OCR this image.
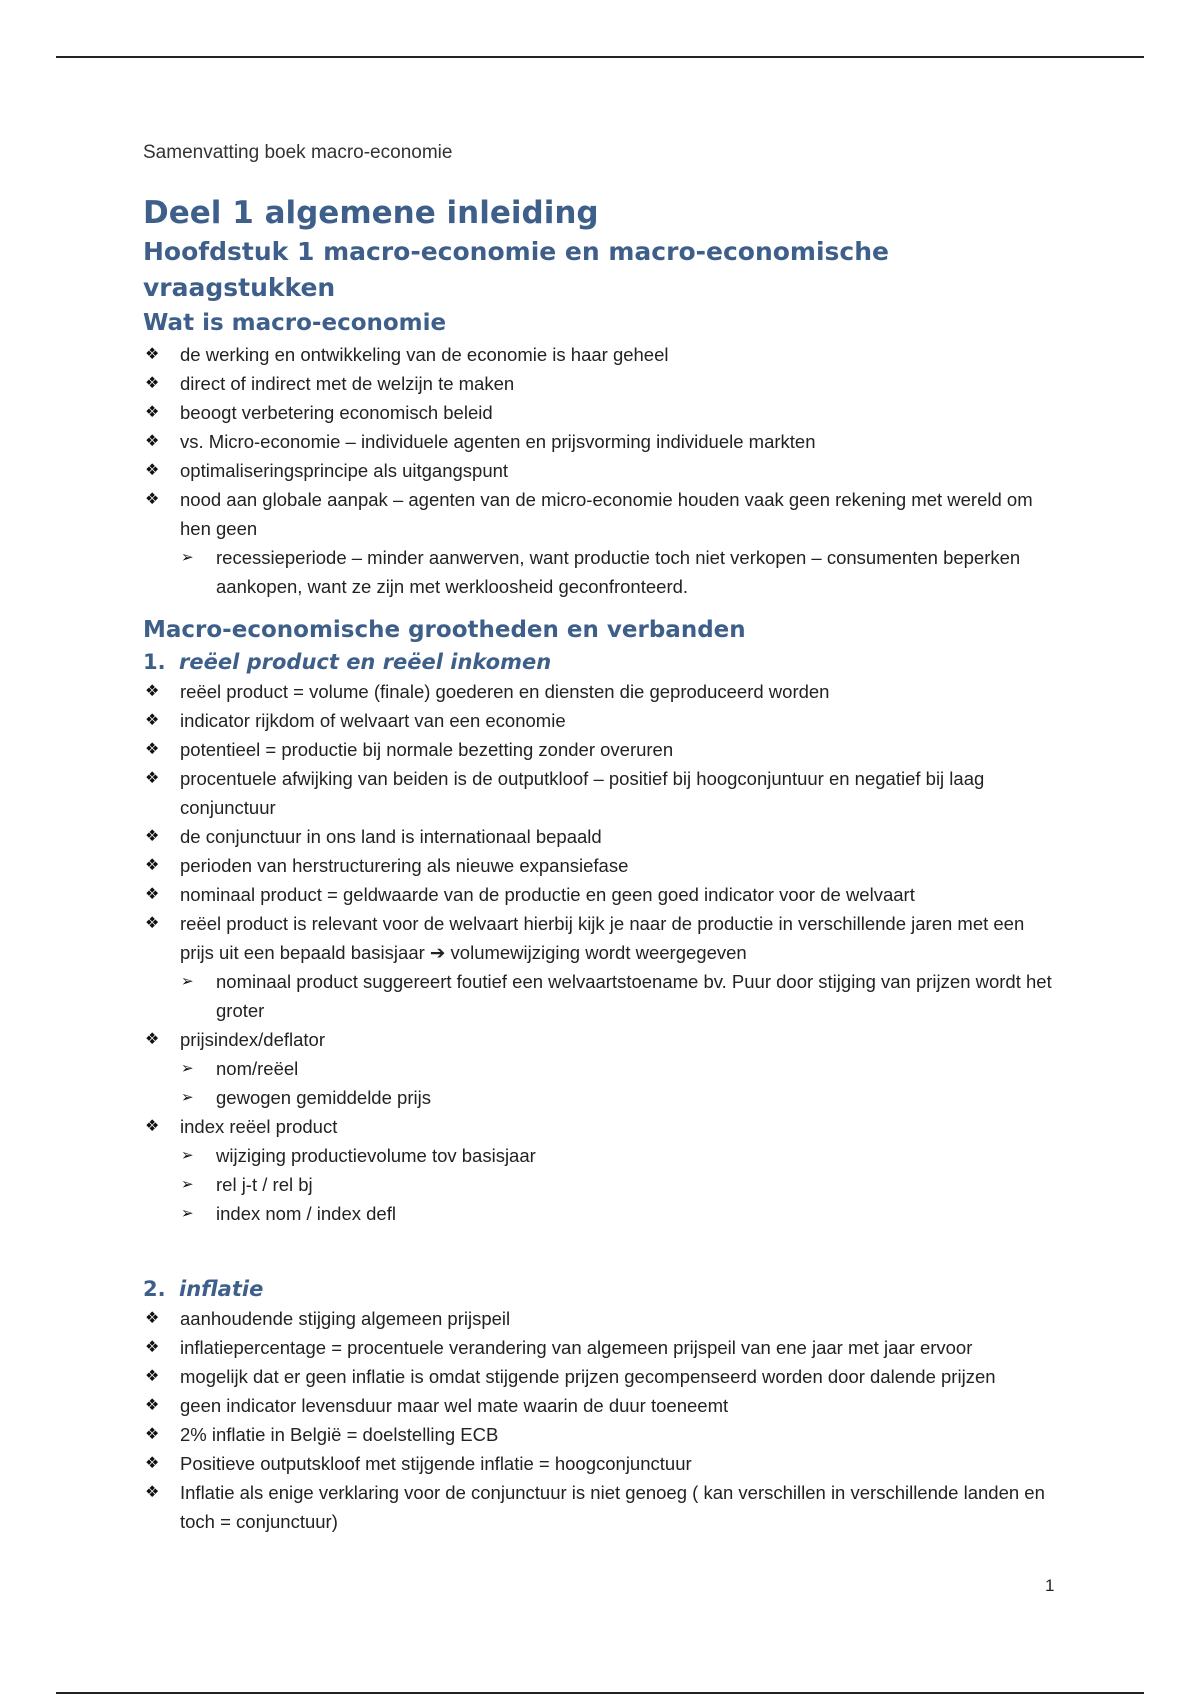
Samenvatting boek macro-economie
Deel 1 algemene inleiding
Hoofdstuk 1 macro-economie en macro-economische vraagstukken
Wat is macro-economie
❖ de werking en ontwikkeling van de economie is haar geheel
❖ direct of indirect met de welzijn te maken
❖ beoogt verbetering economisch beleid
❖ vs. Micro-economie – individuele agenten en prijsvorming individuele markten
❖ optimaliseringsprincipe als uitgangspunt
❖ nood aan globale aanpak – agenten van de micro-economie houden vaak geen rekening met wereld om hen geen
➢ recessieperiode – minder aanwerven, want productie toch niet verkopen – consumenten beperken aankopen, want ze zijn met werkloosheid geconfronteerd.
Macro-economische grootheden en verbanden
1. reëel product en reëel inkomen
❖ reëel product = volume (finale) goederen en diensten die geproduceerd worden
❖ indicator rijkdom of welvaart van een economie
❖ potentieel = productie bij normale bezetting zonder overuren
❖ procentuele afwijking van beiden is de outputkloof – positief bij hoogconjuntuur en negatief bij laag conjunctuur
❖ de conjunctuur in ons land is internationaal bepaald
❖ perioden van herstructurering als nieuwe expansiefase
❖ nominaal product = geldwaarde van de productie en geen goed indicator voor de welvaart
❖ reëel product is relevant voor de welvaart hierbij kijk je naar de productie in verschillende jaren met een prijs uit een bepaald basisjaar ➔ volumewijziging wordt weergegeven
➢ nominaal product suggereert foutief een welvaartstoename bv. Puur door stijging van prijzen wordt het groter
❖ prijsindex/deflator
➢ nom/reëel
➢ gewogen gemiddelde prijs
❖ index reëel product
➢ wijziging productievolume tov basisjaar
➢ rel j-t / rel bj
➢ index nom / index defl
2. inflatie
❖ aanhoudende stijging algemeen prijspeil
❖ inflatiepercentage = procentuele verandering van algemeen prijspeil van ene jaar met jaar ervoor
❖ mogelijk dat er geen inflatie is omdat stijgende prijzen gecompenseerd worden door dalende prijzen
❖ geen indicator levensduur maar wel mate waarin de duur toeneemt
❖ 2% inflatie in België = doelstelling ECB
❖ Positieve outputskloof met stijgende inflatie = hoogconjunctuur
❖ Inflatie als enige verklaring voor de conjunctuur is niet genoeg ( kan verschillen in verschillende landen en toch = conjunctuur)
1
